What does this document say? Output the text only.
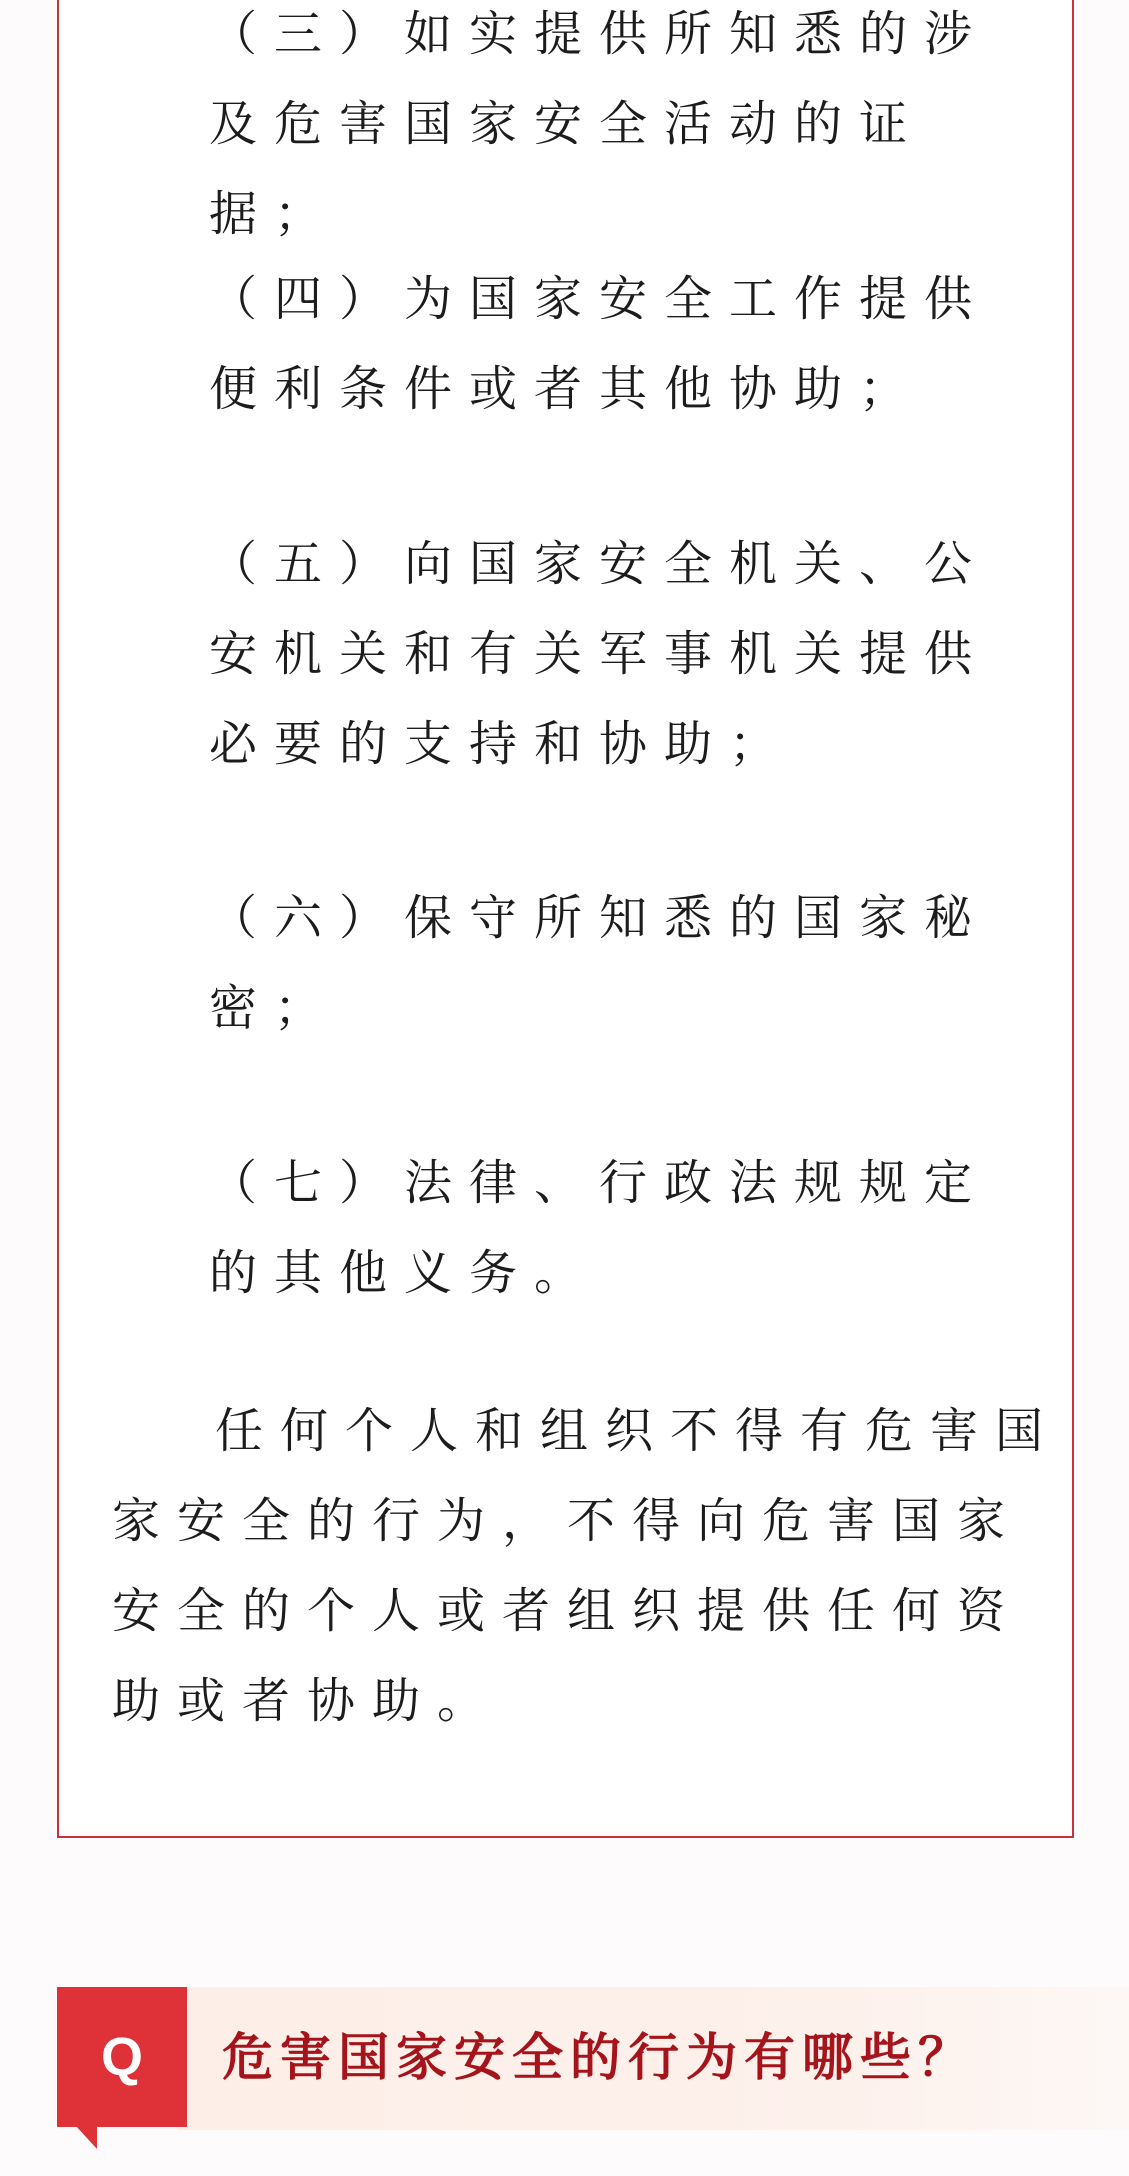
（三）如实提供所知悉的涉及危害国家安全活动的证据；

（四）为国家安全工作提供便利条件或者其他协助；

（五）向国家安全机关、公安机关和有关军事机关提供必要的支持和协助；

（六）保守所知悉的国家秘密；

（七）法律、行政法规规定的其他义务。

任何个人和组织不得有危害国家安全的行为，不得向危害国家安全的个人或者组织提供任何资助或者协助。

Q	危害国家安全的行为有哪些？
